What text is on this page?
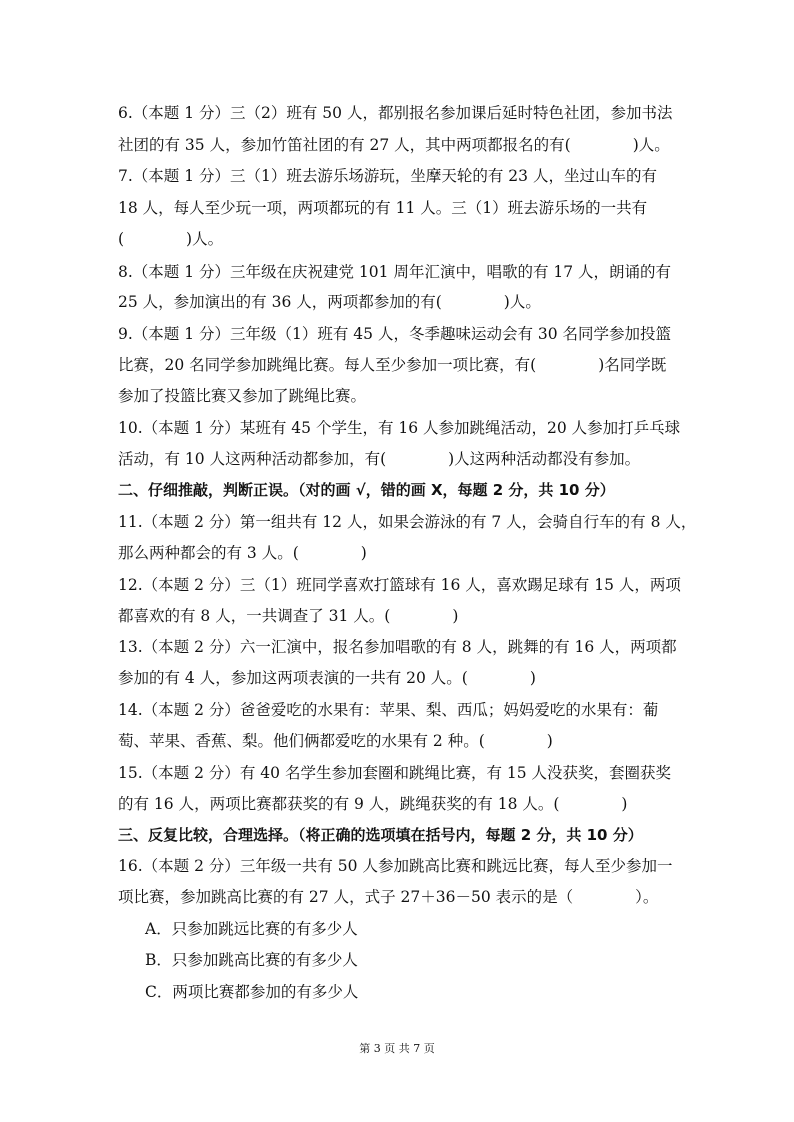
6.（本题 1 分）三（2）班有 50 人，都别报名参加课后延时特色社团，参加书法
社团的有 35 人，参加竹笛社团的有 27 人，其中两项都报名的有(　　　　)人。
7.（本题 1 分）三（1）班去游乐场游玩，坐摩天轮的有 23 人，坐过山车的有
18 人，每人至少玩一项，两项都玩的有 11 人。三（1）班去游乐场的一共有
(　　　　)人。
8.（本题 1 分）三年级在庆祝建党 101 周年汇演中，唱歌的有 17 人，朗诵的有
25 人，参加演出的有 36 人，两项都参加的有(　　　　)人。
9.（本题 1 分）三年级（1）班有 45 人，冬季趣味运动会有 30 名同学参加投篮
比赛，20 名同学参加跳绳比赛。每人至少参加一项比赛，有(　　　　)名同学既
参加了投篮比赛又参加了跳绳比赛。
10.（本题 1 分）某班有 45 个学生，有 16 人参加跳绳活动，20 人参加打乒乓球
活动，有 10 人这两种活动都参加，有(　　　　)人这两种活动都没有参加。
二、仔细推敲，判断正误。（对的画 √，错的画 X，每题 2 分，共 10 分）
11.（本题 2 分）第一组共有 12 人，如果会游泳的有 7 人，会骑自行车的有 8 人，
那么两种都会的有 3 人。(　　　　)
12.（本题 2 分）三（1）班同学喜欢打篮球有 16 人，喜欢踢足球有 15 人，两项
都喜欢的有 8 人，一共调查了 31 人。(　　　　)
13.（本题 2 分）六一汇演中，报名参加唱歌的有 8 人，跳舞的有 16 人，两项都
参加的有 4 人，参加这两项表演的一共有 20 人。(　　　　)
14.（本题 2 分）爸爸爱吃的水果有：苹果、梨、西瓜；妈妈爱吃的水果有：葡
萄、苹果、香蕉、梨。他们俩都爱吃的水果有 2 种。(　　　　)
15.（本题 2 分）有 40 名学生参加套圈和跳绳比赛，有 15 人没获奖，套圈获奖
的有 16 人，两项比赛都获奖的有 9 人，跳绳获奖的有 18 人。(　　　　)
三、反复比较，合理选择。（将正确的选项填在括号内，每题 2 分，共 10 分）
16.（本题 2 分）三年级一共有 50 人参加跳高比赛和跳远比赛，每人至少参加一
项比赛，参加跳高比赛的有 27 人，式子 27＋36－50 表示的是（　　　　）。
A．只参加跳远比赛的有多少人
B．只参加跳高比赛的有多少人
C．两项比赛都参加的有多少人
第 3 页 共 7 页
